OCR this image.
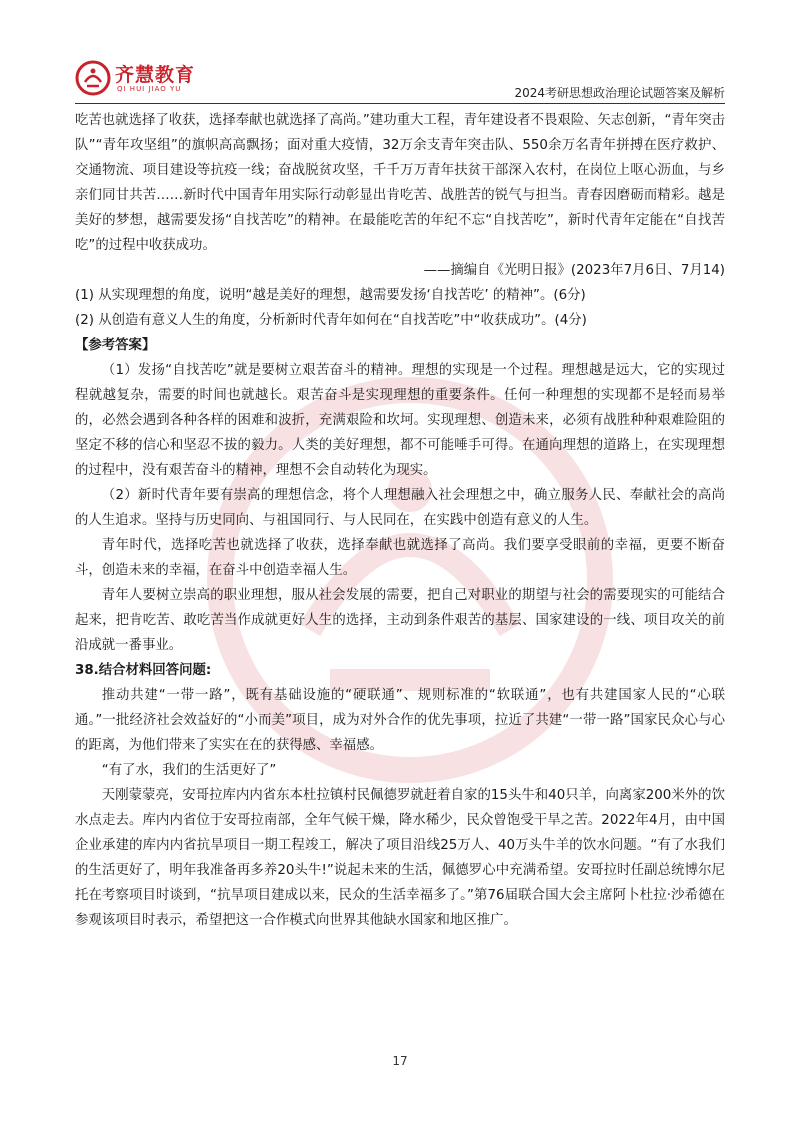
齐慧教育
QI HUI JIAO YU	2024考研思想政治理论试题答案及解析

吃苦也就选择了收获，选择奉献也就选择了高尚。”建功重大工程，青年建设者不畏艰险、矢志创新，“青年突击队”“青年攻坚组”的旗帜高高飘扬；面对重大疫情，32万余支青年突击队、550余万名青年拼搏在医疗救护、交通物流、项目建设等抗疫一线；奋战脱贫攻坚，千千万万青年扶贫干部深入农村，在岗位上呕心沥血，与乡亲们同甘共苦……新时代中国青年用实际行动彰显出肯吃苦、战胜苦的锐气与担当。青春因磨砺而精彩。越是美好的梦想，越需要发扬“自找苦吃”的精神。在最能吃苦的年纪不忘“自找苦吃”，新时代青年定能在“自找苦吃”的过程中收获成功。

——摘编自《光明日报》(2023年7月6日、7月14)

(1) 从实现理想的角度，说明“越是美好的理想，越需要发扬‘自找苦吃’ 的精神”。(6分)

(2) 从创造有意义人生的角度，分析新时代青年如何在“自找苦吃”中“收获成功”。(4分)

【参考答案】

（1）发扬“自找苦吃”就是要树立艰苦奋斗的精神。理想的实现是一个过程。理想越是远大，它的实现过程就越复杂，需要的时间也就越长。艰苦奋斗是实现理想的重要条件。任何一种理想的实现都不是轻而易举的，必然会遇到各种各样的困难和波折，充满艰险和坎坷。实现理想、创造未来，必须有战胜种种艰难险阻的坚定不移的信心和坚忍不拔的毅力。人类的美好理想，都不可能唾手可得。在通向理想的道路上，在实现理想的过程中，没有艰苦奋斗的精神，理想不会自动转化为现实。

（2）新时代青年要有崇高的理想信念，将个人理想融入社会理想之中，确立服务人民、奉献社会的高尚的人生追求。坚持与历史同向、与祖国同行、与人民同在，在实践中创造有意义的人生。

青年时代，选择吃苦也就选择了收获，选择奉献也就选择了高尚。我们要享受眼前的幸福，更要不断奋斗，创造未来的幸福，在奋斗中创造幸福人生。

青年人要树立崇高的职业理想，服从社会发展的需要，把自己对职业的期望与社会的需要现实的可能结合起来，把肯吃苦、敢吃苦当作成就更好人生的选择，主动到条件艰苦的基层、国家建设的一线、项目攻关的前沿成就一番事业。

38.结合材料回答问题:

推动共建“一带一路”，既有基础设施的“硬联通”、规则标准的“软联通”，也有共建国家人民的“心联通。”一批经济社会效益好的“小而美”项目，成为对外合作的优先事项，拉近了共建“一带一路”国家民众心与心的距离，为他们带来了实实在在的获得感、幸福感。

“有了水，我们的生活更好了”

天刚蒙蒙亮，安哥拉库内内省东本杜拉镇村民佩德罗就赶着自家的15头牛和40只羊，向离家200米外的饮水点走去。库内内省位于安哥拉南部，全年气候干燥，降水稀少，民众曾饱受干旱之苦。2022年4月，由中国企业承建的库内内省抗旱项目一期工程竣工，解决了项目沿线25万人、40万头牛羊的饮水问题。“有了水我们的生活更好了，明年我准备再多养20头牛!”说起未来的生活，佩德罗心中充满希望。安哥拉时任副总统博尔尼托在考察项目时谈到，“抗旱项目建成以来，民众的生活幸福多了。”第76届联合国大会主席阿卜杜拉·沙希德在参观该项目时表示，希望把这一合作模式向世界其他缺水国家和地区推广。

17
